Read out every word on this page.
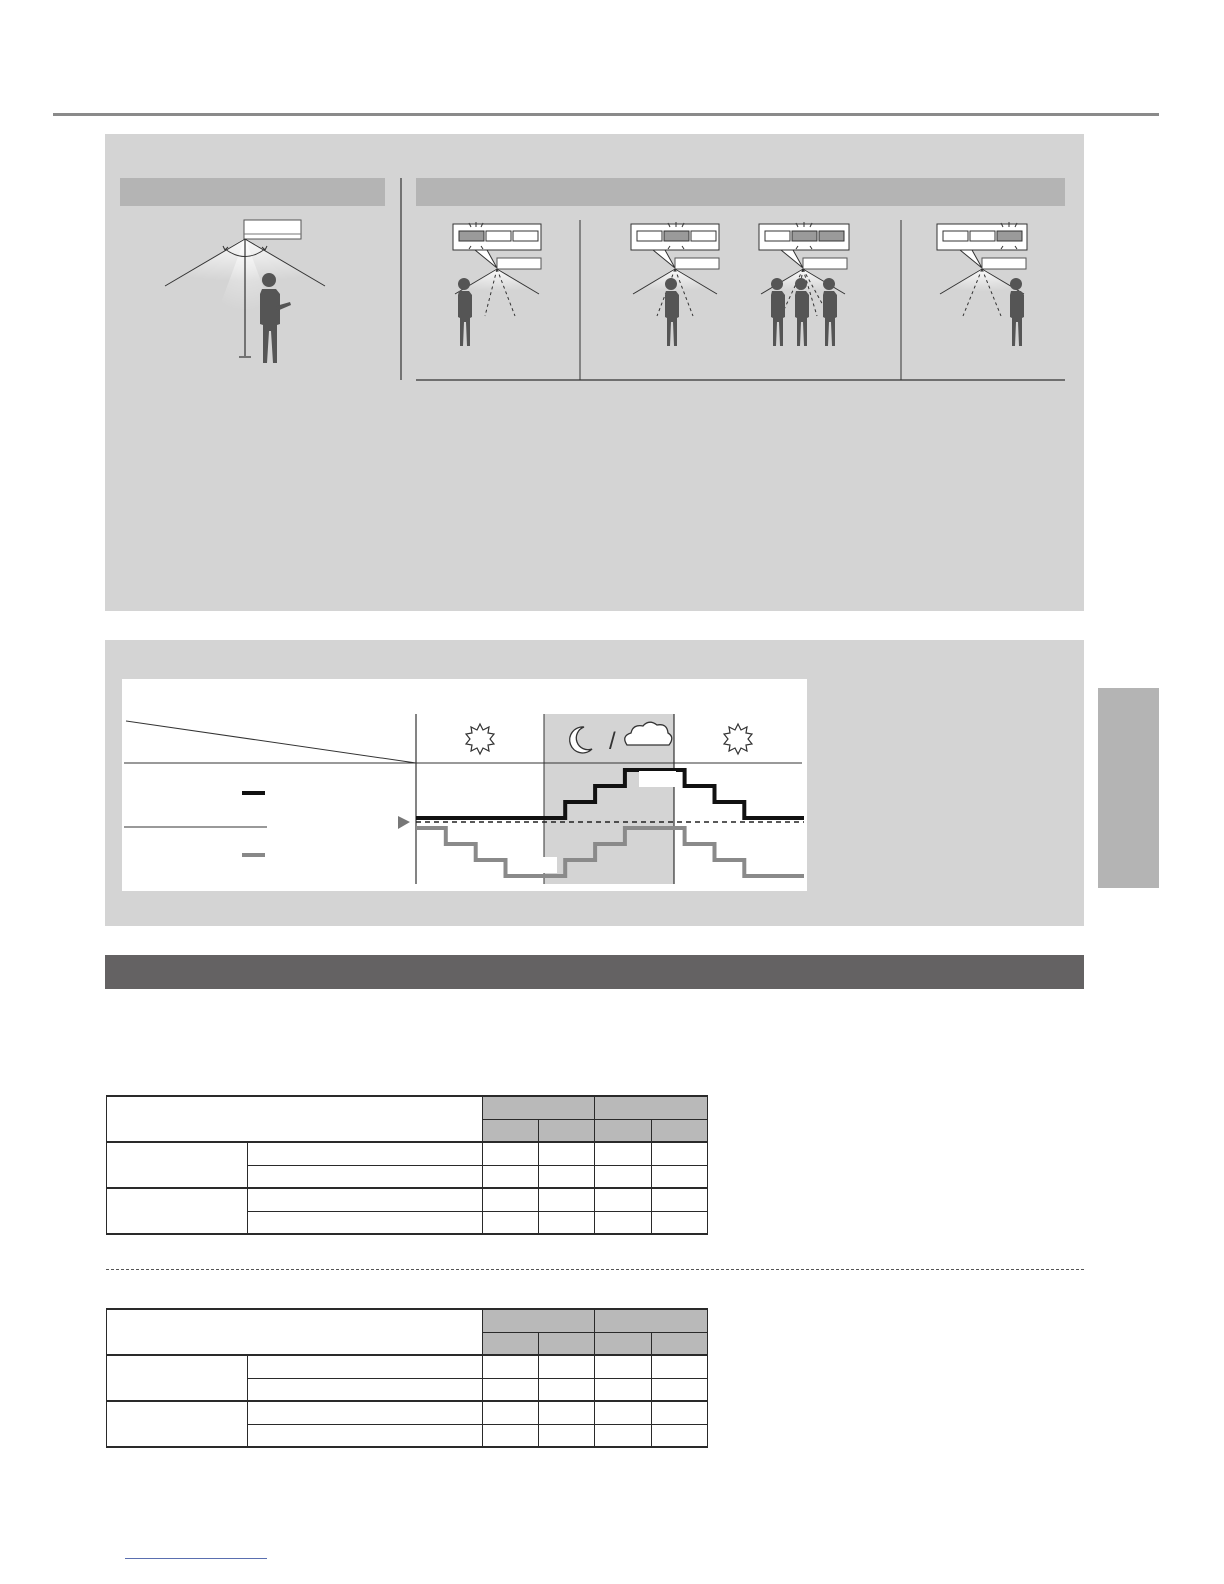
/
